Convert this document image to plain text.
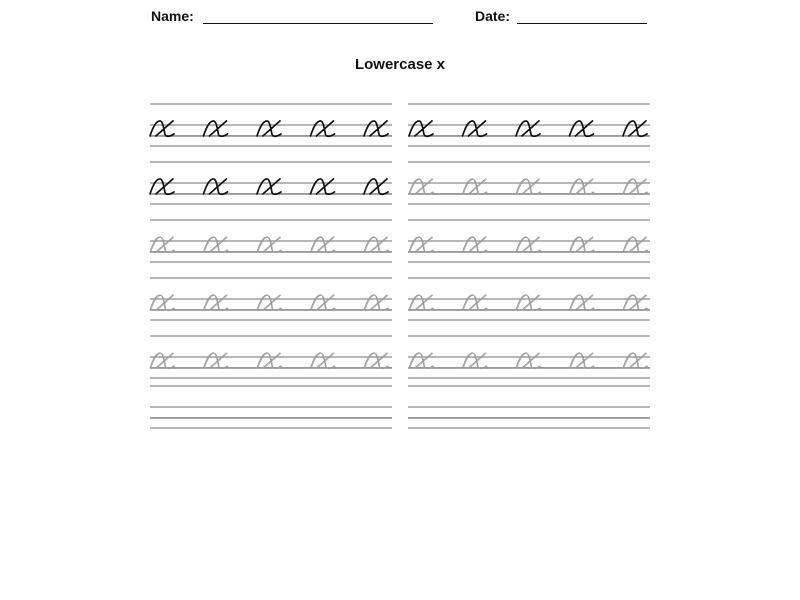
Name:	Date:
Lowercase x
